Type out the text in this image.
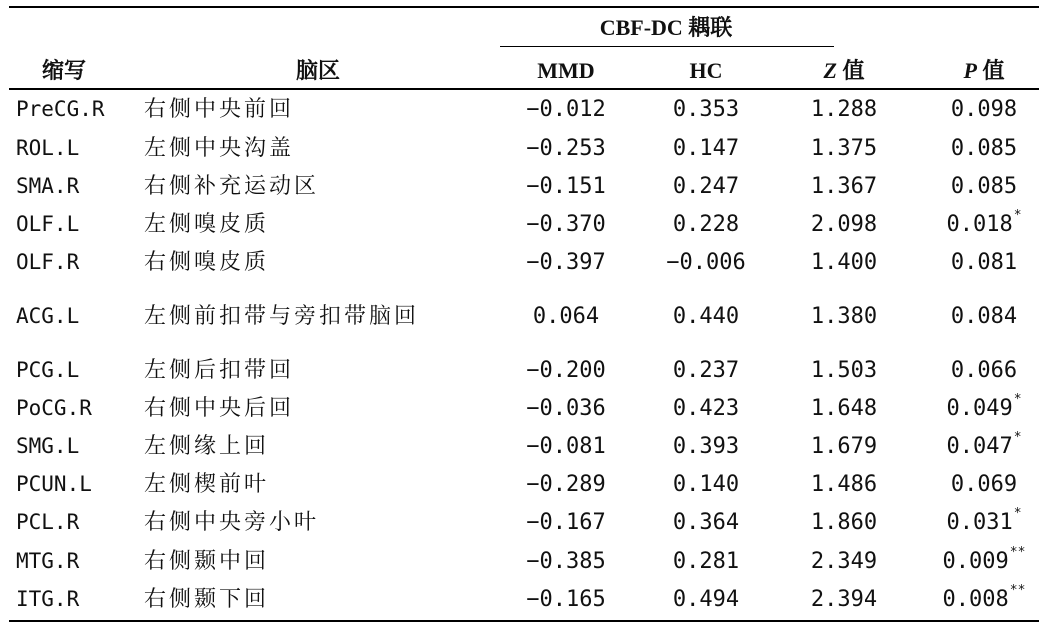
CBF-DC 耦联
缩写	脑区	MMD	HC	Z 值	P 值
PreCG.R 右侧中央前回	−0.012	0.353	1.288	0.098
ROL.L	左侧中央沟盖	−0.253	0.147	1.375	0.085
SMA.R	右侧补充运动区	−0.151	0.247	1.367	0.085
OLF.L	左侧嗅皮质	−0.370	0.228	2.098	0.018*
OLF.R	右侧嗅皮质	−0.397	−0.006	1.400	0.081
ACG.L	左侧前扣带与旁扣带脑回	0.064	0.440	1.380	0.084
PCG.L	左侧后扣带回	−0.200	0.237	1.503	0.066
PoCG.R 右侧中央后回	−0.036	0.423	1.648	0.049*
SMG.L	左侧缘上回	−0.081	0.393	1.679	0.047*
PCUN.L 左侧楔前叶	−0.289	0.140	1.486	0.069
PCL.R	右侧中央旁小叶	−0.167	0.364	1.860	0.031*
MTG.R	右侧颞中回	−0.385	0.281	2.349	0.009**
ITG.R	右侧颞下回	−0.165	0.494	2.394	0.008**
